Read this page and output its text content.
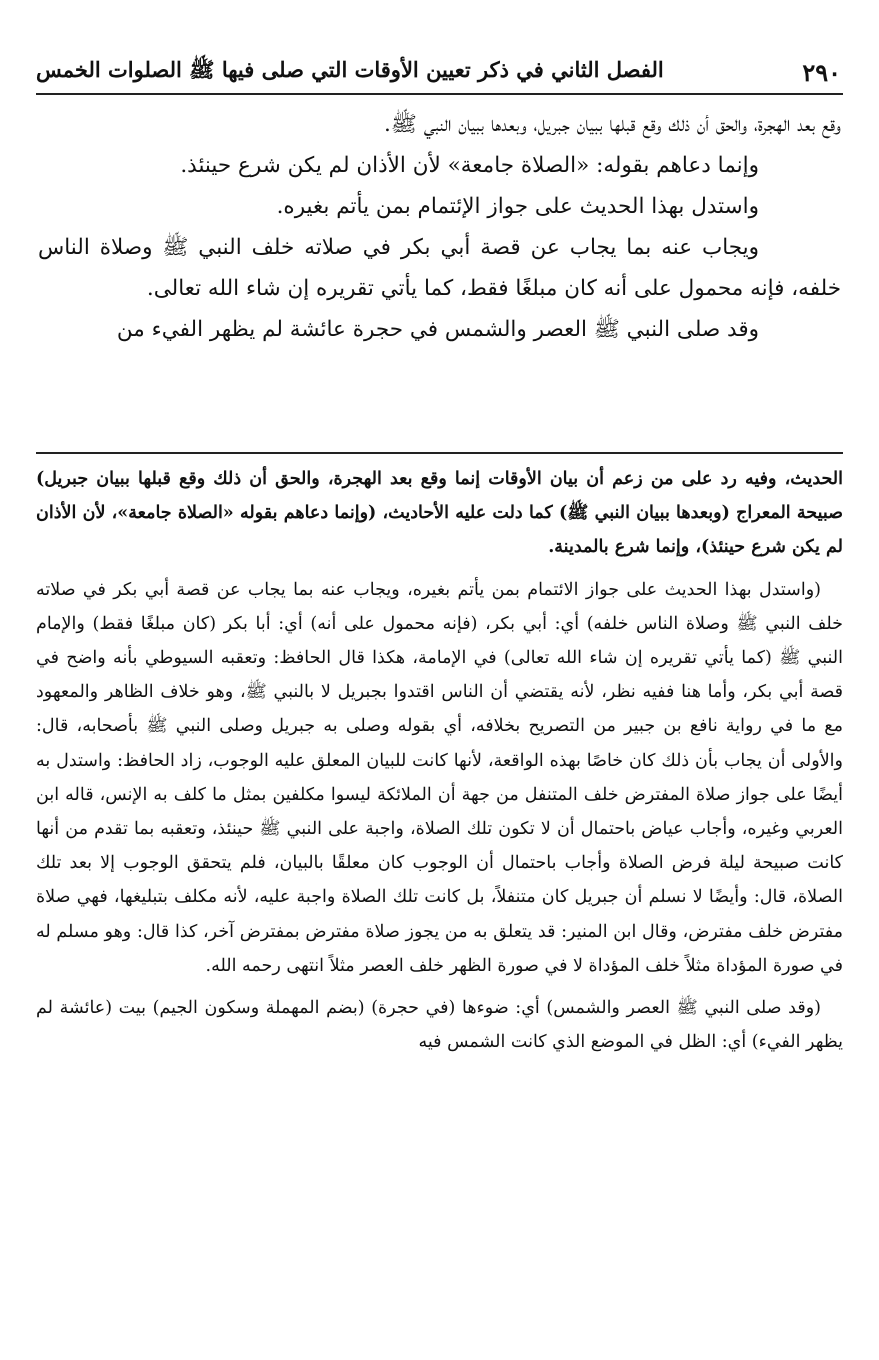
٢٩٠
الفصل الثاني في ذكر تعيين الأوقات التي صلى فيها ﷺ الصلوات الخمس

وقع بعد الهجرة، والحق أن ذلك وقع قبلها ببيان جبريل، وبعدها ببيان النبي ﷺ.

وإنما دعاهم بقوله: «الصلاة جامعة» لأن الأذان لم يكن شرع حينئذ.

واستدل بهذا الحديث على جواز الإئتمام بمن يأتم بغيره.

ويجاب عنه بما يجاب عن قصة أبي بكر في صلاته خلف النبي ﷺ وصلاة الناس خلفه، فإنه محمول على أنه كان مبلغًا فقط، كما يأتي تقريره إن شاء الله تعالى.

وقد صلى النبي ﷺ العصر والشمس في حجرة عائشة لم يظهر الفيء من

الحديث، وفيه رد على من زعم أن بيان الأوقات إنما وقع بعد الهجرة، والحق أن ذلك وقع قبلها ببيان جبريل) صبيحة المعراج (وبعدها ببيان النبي ﷺ) كما دلت عليه الأحاديث، (وإنما دعاهم بقوله «الصلاة جامعة»، لأن الأذان لم يكن شرع حينئذ)، وإنما شرع بالمدينة.

(واستدل بهذا الحديث على جواز الائتمام بمن يأتم بغيره، ويجاب عنه بما يجاب عن قصة أبي بكر في صلاته خلف النبي ﷺ وصلاة الناس خلفه) أي: أبي بكر، (فإنه محمول على أنه) أي: أبا بكر (كان مبلغًا فقط) والإمام النبي ﷺ (كما يأتي تقريره إن شاء الله تعالى) في الإمامة، هكذا قال الحافظ: وتعقبه السيوطي بأنه واضح في قصة أبي بكر، وأما هنا ففيه نظر، لأنه يقتضي أن الناس اقتدوا بجبريل لا بالنبي ﷺ، وهو خلاف الظاهر والمعهود مع ما في رواية نافع بن جبير من التصريح بخلافه، أي بقوله وصلى به جبريل وصلى النبي ﷺ بأصحابه، قال: والأولى أن يجاب بأن ذلك كان خاصًا بهذه الواقعة، لأنها كانت للبيان المعلق عليه الوجوب، زاد الحافظ: واستدل به أيضًا على جواز صلاة المفترض خلف المتنفل من جهة أن الملائكة ليسوا مكلفين بمثل ما كلف به الإنس، قاله ابن العربي وغيره، وأجاب عياض باحتمال أن لا تكون تلك الصلاة، واجبة على النبي ﷺ حينئذ، وتعقبه بما تقدم من أنها كانت صبيحة ليلة فرض الصلاة وأجاب باحتمال أن الوجوب كان معلقًا بالبيان، فلم يتحقق الوجوب إلا بعد تلك الصلاة، قال: وأيضًا لا نسلم أن جبريل كان متنفلاً، بل كانت تلك الصلاة واجبة عليه، لأنه مكلف بتبليغها، فهي صلاة مفترض خلف مفترض، وقال ابن المنير: قد يتعلق به من يجوز صلاة مفترض بمفترض آخر، كذا قال: وهو مسلم له في صورة المؤداة مثلاً خلف المؤداة لا في صورة الظهر خلف العصر مثلاً انتهى رحمه الله.

(وقد صلى النبي ﷺ العصر والشمس) أي: ضوءها (في حجرة) (بضم المهملة وسكون الجيم) بيت (عائشة لم يظهر الفيء) أي: الظل في الموضع الذي كانت الشمس فيه
